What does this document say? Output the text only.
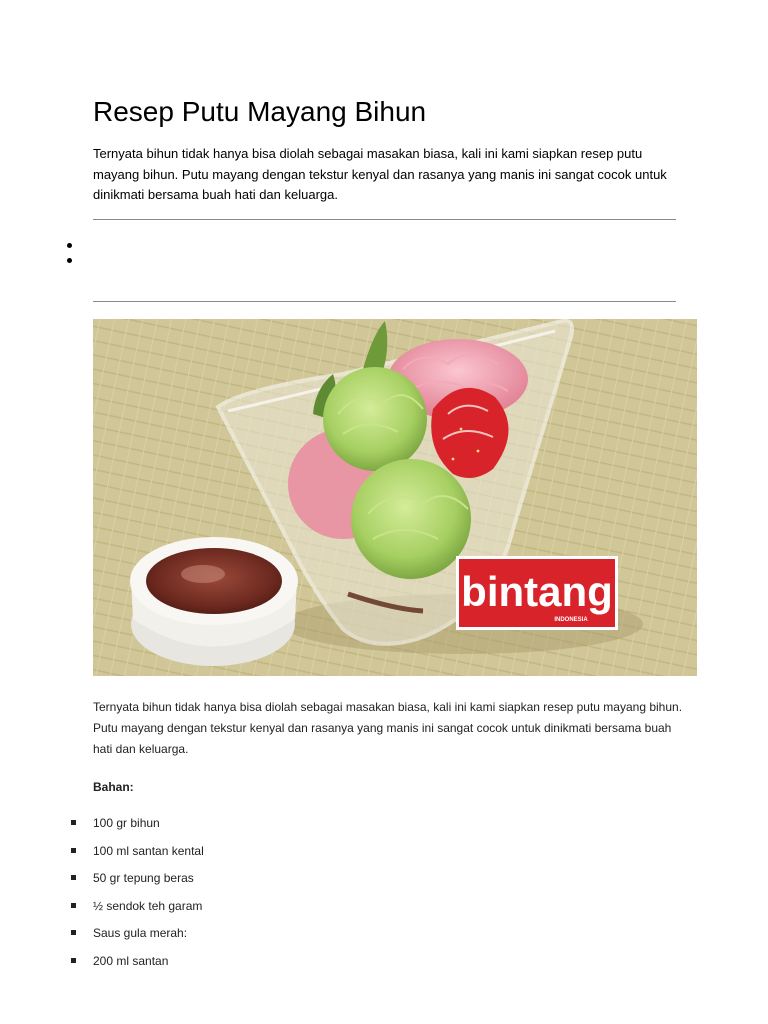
Resep Putu Mayang Bihun

Ternyata bihun tidak hanya bisa diolah sebagai masakan biasa, kali ini kami siapkan resep putu mayang bihun. Putu mayang dengan tekstur kenyal dan rasanya yang manis ini sangat cocok untuk dinikmati bersama buah hati dan keluarga.

bintang
INDONESIA

Ternyata bihun tidak hanya bisa diolah sebagai masakan biasa, kali ini kami siapkan resep putu mayang bihun. Putu mayang dengan tekstur kenyal dan rasanya yang manis ini sangat cocok untuk dinikmati bersama buah hati dan keluarga.

Bahan:

100 gr bihun
100 ml santan kental
50 gr tepung beras
½ sendok teh garam
Saus gula merah:
200 ml santan
